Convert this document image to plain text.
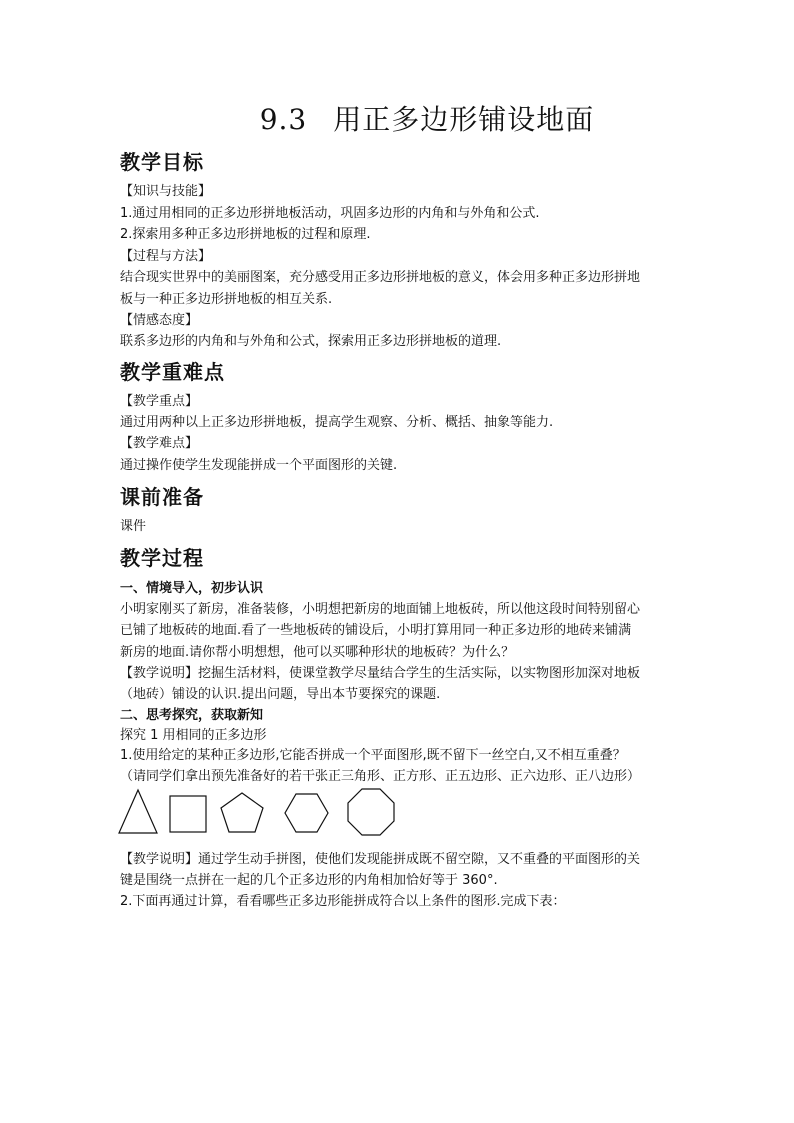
9.3 用正多边形铺设地面
教学目标
【知识与技能】
1.通过用相同的正多边形拼地板活动，巩固多边形的内角和与外角和公式.
2.探索用多种正多边形拼地板的过程和原理.
【过程与方法】
结合现实世界中的美丽图案，充分感受用正多边形拼地板的意义，体会用多种正多边形拼地
板与一种正多边形拼地板的相互关系.
【情感态度】
联系多边形的内角和与外角和公式，探索用正多边形拼地板的道理.
教学重难点
【教学重点】
通过用两种以上正多边形拼地板，提高学生观察、分析、概括、抽象等能力.
【教学难点】
通过操作使学生发现能拼成一个平面图形的关键.
课前准备
课件
教学过程
一、情境导入，初步认识
小明家刚买了新房，准备装修，小明想把新房的地面铺上地板砖，所以他这段时间特别留心
已铺了地板砖的地面.看了一些地板砖的铺设后，小明打算用同一种正多边形的地砖来铺满
新房的地面.请你帮小明想想，他可以买哪种形状的地板砖？为什么？
【教学说明】挖掘生活材料，使课堂教学尽量结合学生的生活实际，以实物图形加深对地板
（地砖）铺设的认识.提出问题，导出本节要探究的课题.
二、思考探究，获取新知
探究 1 用相同的正多边形
1.使用给定的某种正多边形,它能否拼成一个平面图形,既不留下一丝空白,又不相互重叠？
（请同学们拿出预先准备好的若干张正三角形、正方形、正五边形、正六边形、正八边形）
【教学说明】通过学生动手拼图，使他们发现能拼成既不留空隙，又不重叠的平面图形的关
键是围绕一点拼在一起的几个正多边形的内角相加恰好等于 360°.
2.下面再通过计算，看看哪些正多边形能拼成符合以上条件的图形.完成下表：
